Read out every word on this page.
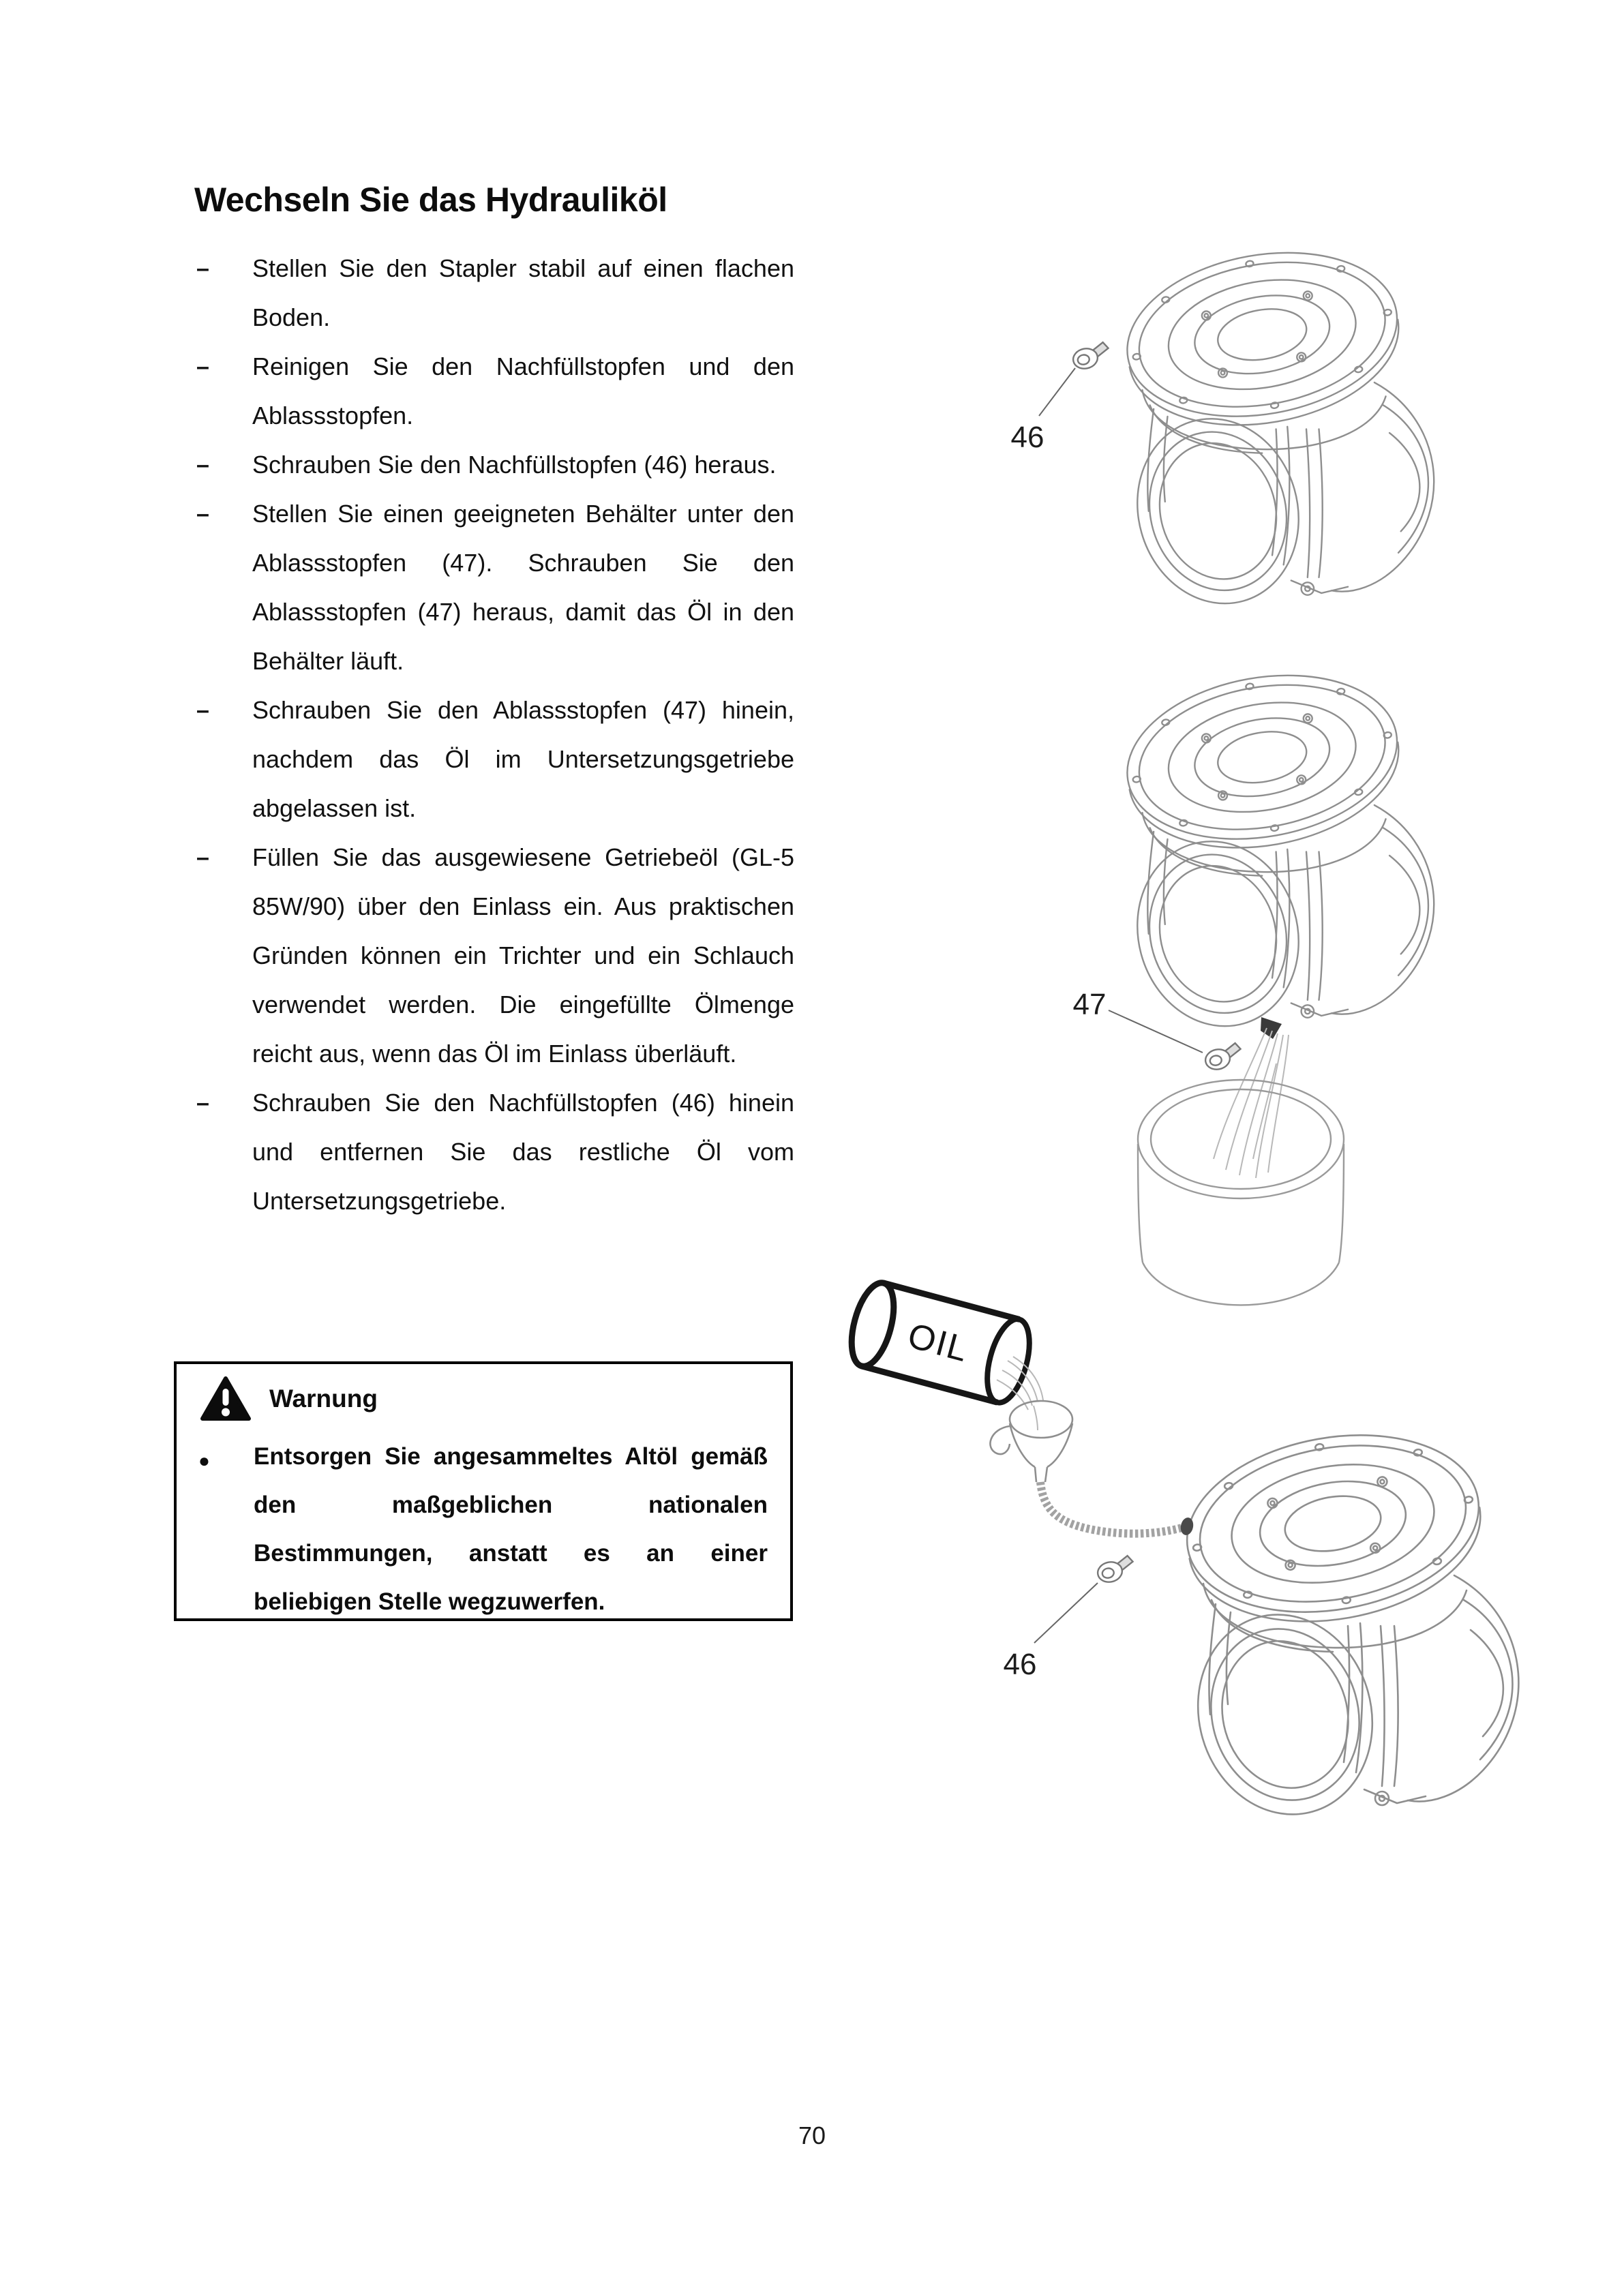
Wechseln Sie das Hydrauliköl
– Stellen Sie den Stapler stabil auf einen flachen Boden.
– Reinigen Sie den Nachfüllstopfen und den Ablassstopfen.
– Schrauben Sie den Nachfüllstopfen (46) heraus.
– Stellen Sie einen geeigneten Behälter unter den Ablassstopfen (47). Schrauben Sie den Ablassstopfen (47) heraus, damit das Öl in den Behälter läuft.
– Schrauben Sie den Ablassstopfen (47) hinein, nachdem das Öl im Untersetzungsgetriebe abgelassen ist.
– Füllen Sie das ausgewiesene Getriebeöl (GL-5 85W/90) über den Einlass ein. Aus praktischen Gründen können ein Trichter und ein Schlauch verwendet werden. Die eingefüllte Ölmenge reicht aus, wenn das Öl im Einlass überläuft.
– Schrauben Sie den Nachfüllstopfen (46) hinein und entfernen Sie das restliche Öl vom Untersetzungsgetriebe.
Warnung
● Entsorgen Sie angesammeltes Altöl gemäß den maßgeblichen nationalen Bestimmungen, anstatt es an einer beliebigen Stelle wegzuwerfen.
46
47
OIL
46
70
